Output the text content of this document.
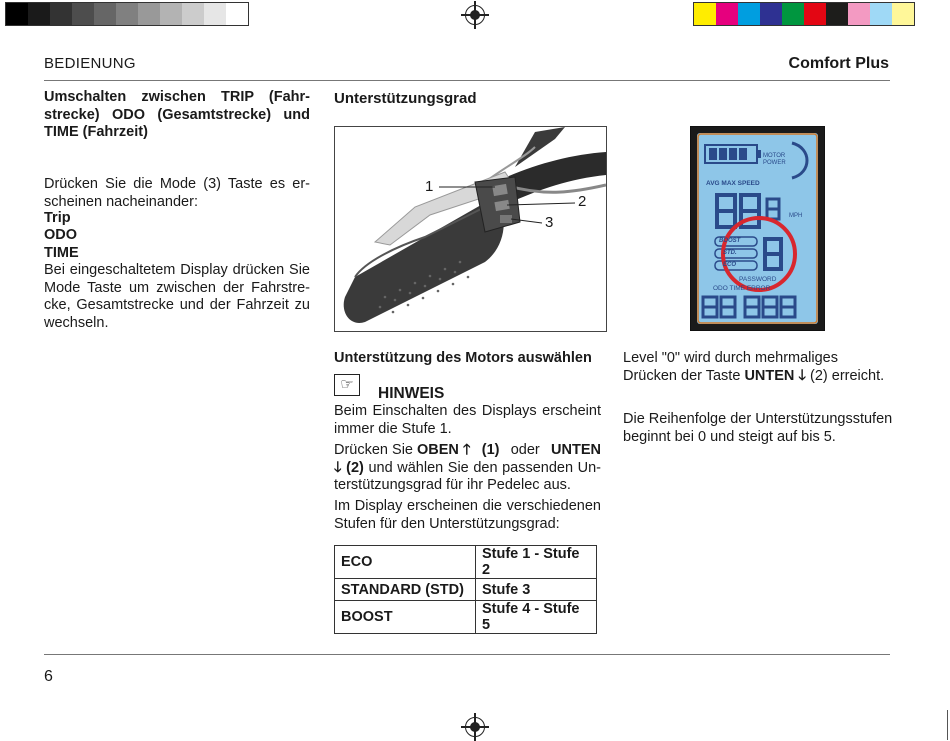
BEDIENUNG	Comfort Plus
Umschalten zwischen TRIP (Fahr-strecke) ODO (Gesamtstrecke) und TIME (Fahrzeit)
Drücken Sie die Mode (3) Taste es er-scheinen nacheinander:
Trip
ODO
TIME
Bei eingeschaltetem Display drücken Sie Mode Taste um zwischen der Fahrstre-cke, Gesamtstrecke und der Fahrzeit zu wechseln.
Unterstützungsgrad
1
2
3
Unterstützung des Motors auswählen
☞
HINWEIS
Beim Einschalten des Displays erscheint immer die Stufe 1.
Drücken Sie OBEN 🡑 (1) oder UNTEN
🡓 (2) und wählen Sie den passenden Un-terstützungsgrad für ihr Pedelec aus.
Im Display erscheinen die verschiedenen Stufen für den Unterstützungsgrad:
ECO	Stufe 1 - Stufe 2
STANDARD (STD)	Stufe 3
BOOST	Stufe 4 - Stufe 5
MOTOR POWER
AVG MAX SPEED
MPH
BOOST
STD.
ECO
PASSWORD
ODO TIME ERROR
Level "0" wird durch mehrmaliges Drücken der Taste UNTEN 🡓 (2) erreicht.
Die Reihenfolge der Unterstützungsstufen beginnt bei 0 und steigt auf bis 5.
6
